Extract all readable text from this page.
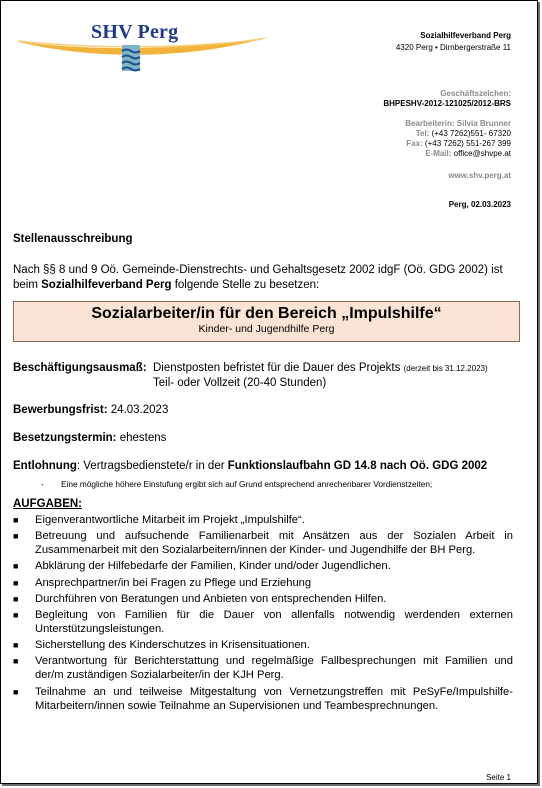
SHV Perg	Sozialhilfeverband Perg
4320 Perg • Dirnbergerstraße 11
Geschäftszeichen:
BHPESHV-2012-121025/2012-BRS
Bearbeiterin: Silvia Brunner
Tel: (+43 7262)551- 67320
Fax: (+43 7262) 551-267 399
E-Mail: office@shvpe.at
www.shv.perg.at
Perg, 02.03.2023
Stellenausschreibung
Nach §§ 8 und 9 Oö. Gemeinde-Dienstrechts- und Gehaltsgesetz 2002 idgF (Oö. GDG 2002) ist
beim Sozialhilfeverband Perg folgende Stelle zu besetzen:
Sozialarbeiter/in für den Bereich „Impulshilfe“
Kinder- und Jugendhilfe Perg
Beschäftigungsausmaß: Dienstposten befristet für die Dauer des Projekts (derzeit bis 31.12.2023)
Teil- oder Vollzeit (20-40 Stunden)
Bewerbungsfrist: 24.03.2023
Besetzungstermin: ehestens
Entlohnung: Vertragsbedienstete/r in der Funktionslaufbahn GD 14.8 nach Oö. GDG 2002
- Eine mögliche höhere Einstufung ergibt sich auf Grund entsprechend anrechenbarer Vordienstzeiten;
AUFGABEN:
■ Eigenverantwortliche Mitarbeit im Projekt „Impulshilfe“.
■ Betreuung und aufsuchende Familienarbeit mit Ansätzen aus der Sozialen Arbeit in Zusammenarbeit mit den Sozialarbeitern/innen der Kinder- und Jugendhilfe der BH Perg.
■ Abklärung der Hilfebedarfe der Familien, Kinder und/oder Jugendlichen.
■ Ansprechpartner/in bei Fragen zu Pflege und Erziehung
■ Durchführen von Beratungen und Anbieten von entsprechenden Hilfen.
■ Begleitung von Familien für die Dauer von allenfalls notwendig werdenden externen Unterstützungsleistungen.
■ Sicherstellung des Kinderschutzes in Krisensituationen.
■ Verantwortung für Berichterstattung und regelmäßige Fallbesprechungen mit Familien und der/m zuständigen Sozialarbeiter/in der KJH Perg.
■ Teilnahme an und teilweise Mitgestaltung von Vernetzungstreffen mit PeSyFe/Impulshilfe-Mitarbeitern/innen sowie Teilnahme an Supervisionen und Teambesprechnungen.
Seite 1
